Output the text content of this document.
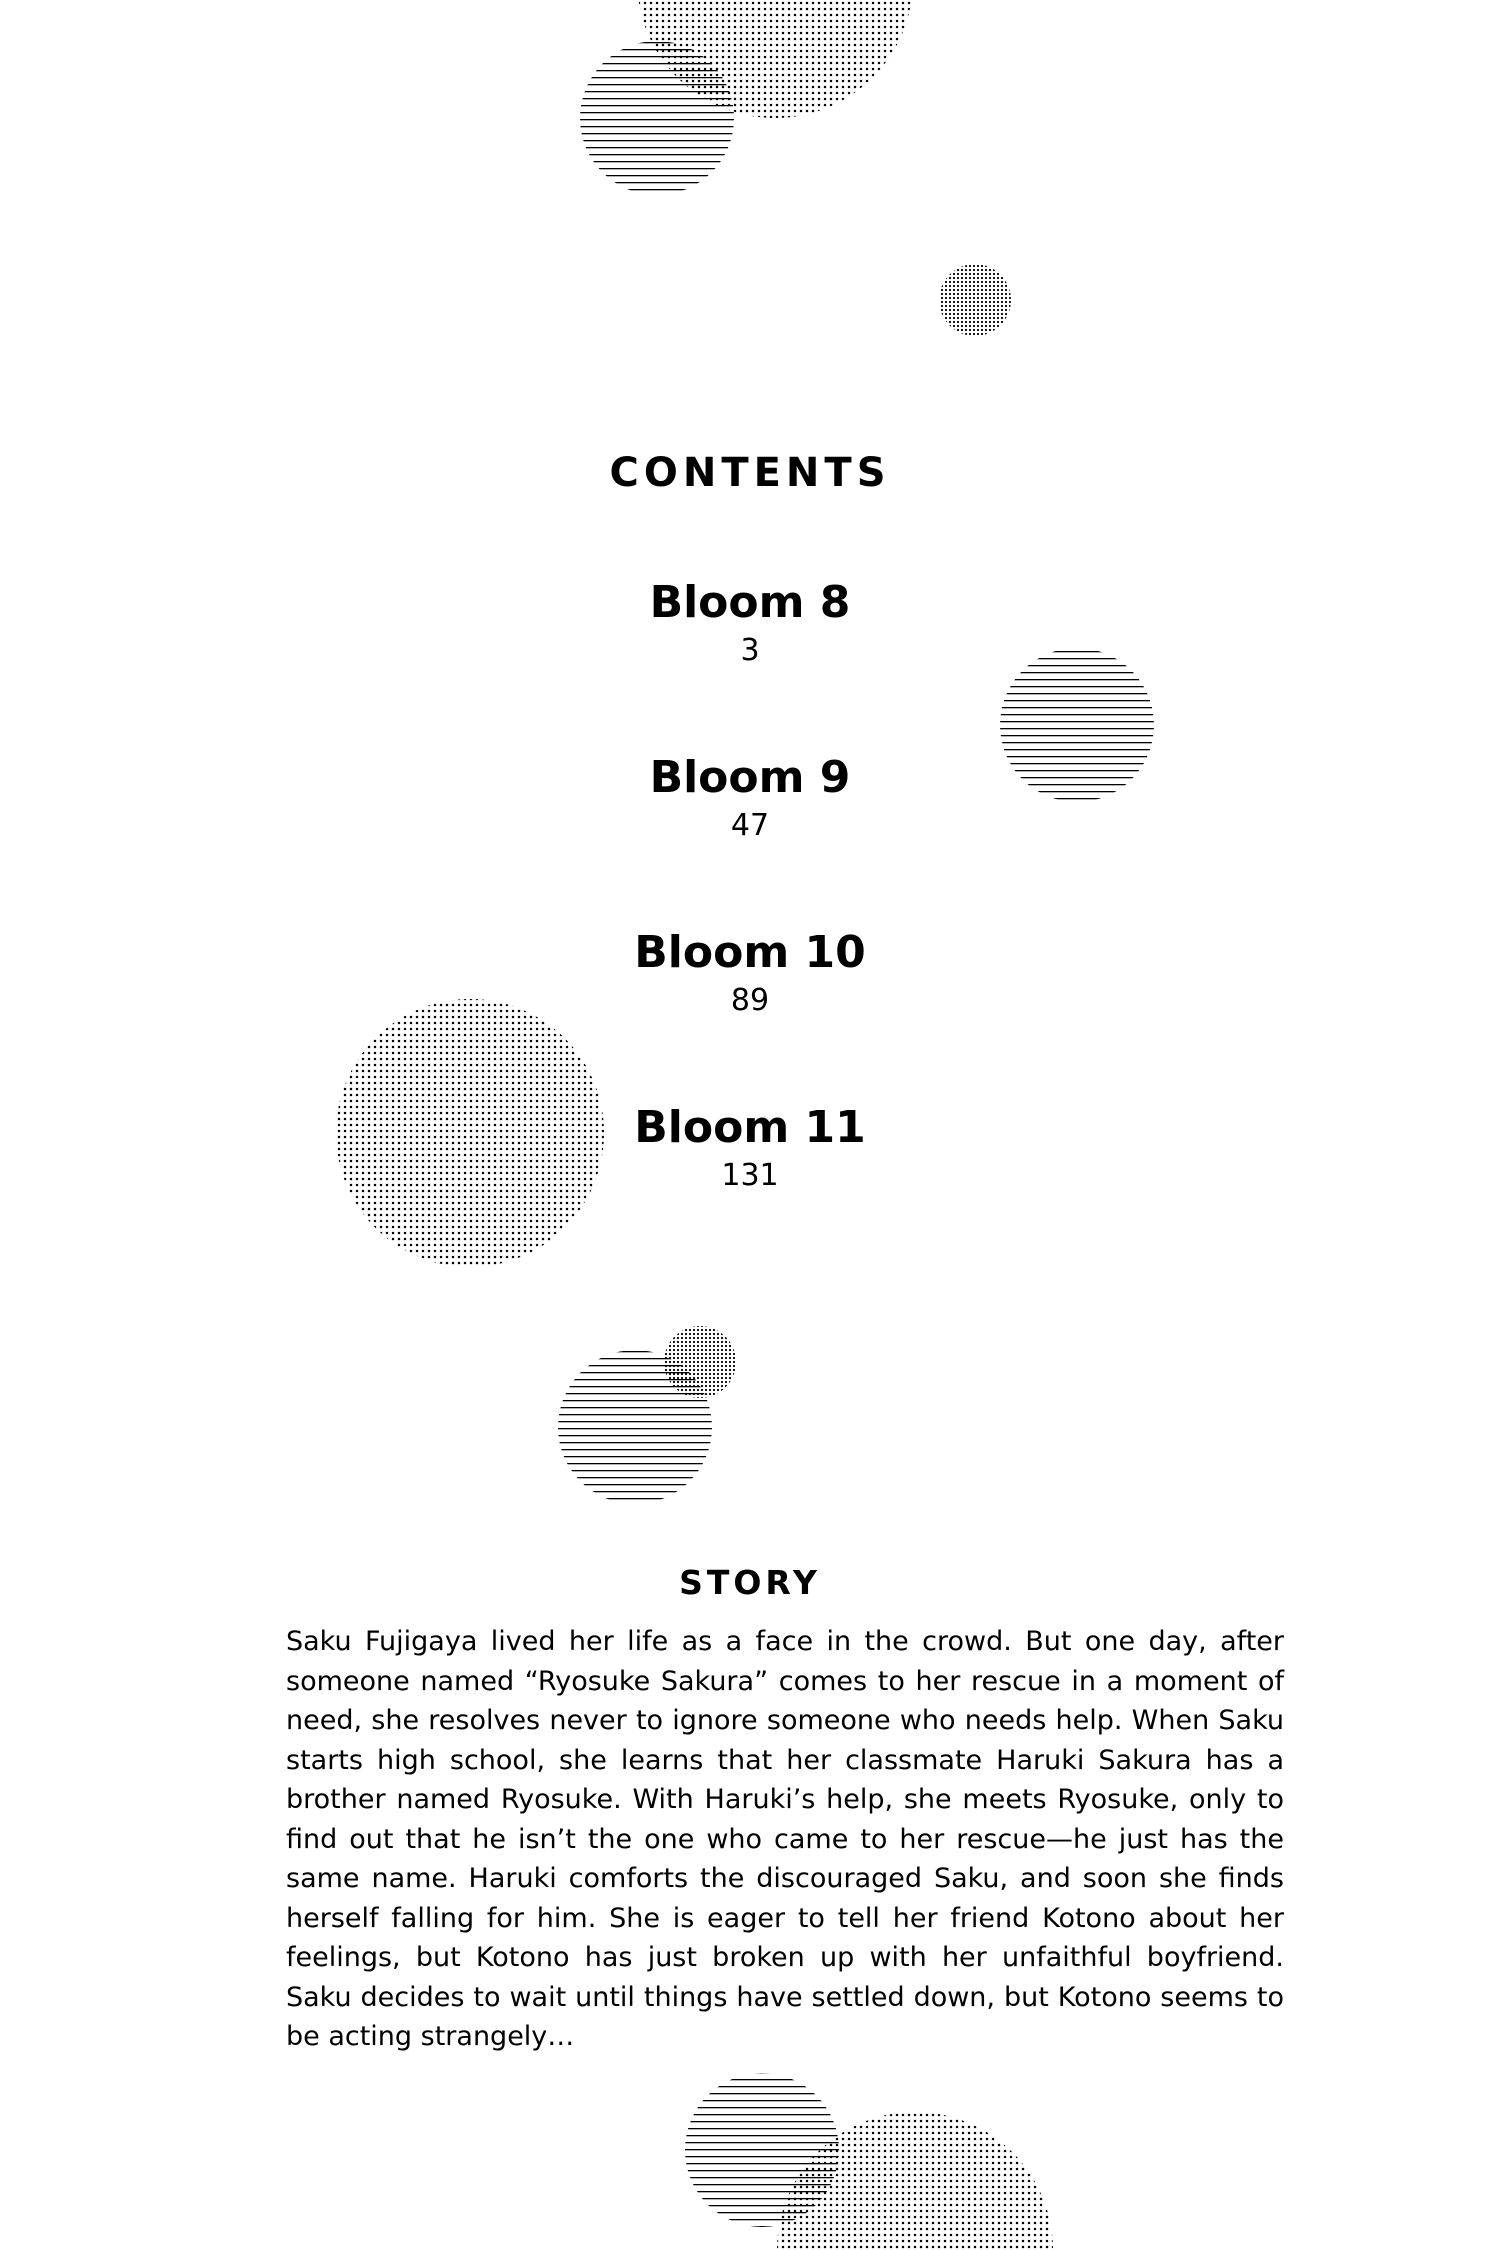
CONTENTS
Bloom 8
3
Bloom 9
47
Bloom 10
89
Bloom 11
131
STORY

Saku Fujigaya lived her life as a face in the crowd. But one day, after someone named “Ryosuke Sakura” comes to her rescue in a moment of need, she resolves never to ignore someone who needs help. When Saku starts high school, she learns that her classmate Haruki Sakura has a brother named Ryosuke. With Haruki’s help, she meets Ryosuke, only to find out that he isn’t the one who came to her rescue—he just has the same name. Haruki comforts the discouraged Saku, and soon she finds herself falling for him. She is eager to tell her friend Kotono about her feelings, but Kotono has just broken up with her unfaithful boyfriend. Saku decides to wait until things have settled down, but Kotono seems to be acting strangely…
